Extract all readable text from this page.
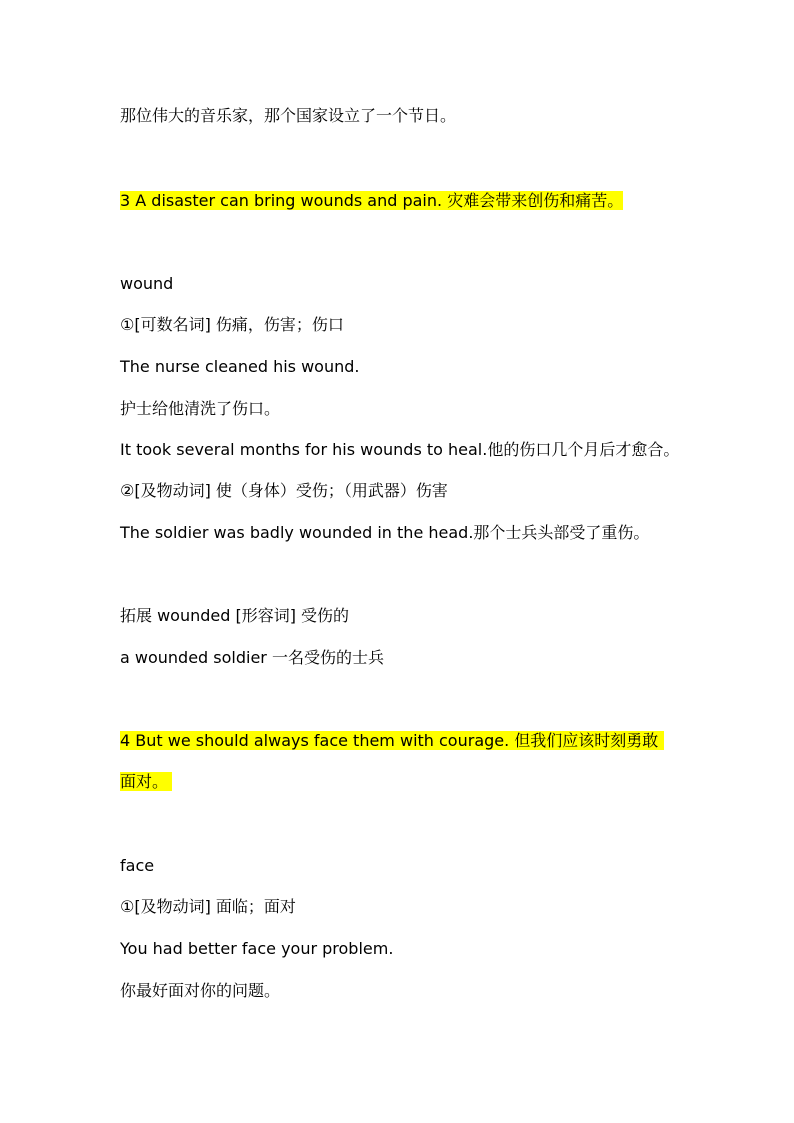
那位伟大的音乐家，那个国家设立了一个节日。
3 A disaster can bring wounds and pain. 灾难会带来创伤和痛苦。
wound
①[可数名词] 伤痛，伤害；伤口
The nurse cleaned his wound.
护士给他清洗了伤口。
It took several months for his wounds to heal.他的伤口几个月后才愈合。
②[及物动词] 使（身体）受伤；（用武器）伤害
The soldier was badly wounded in the head.那个士兵头部受了重伤。
拓展 wounded [形容词] 受伤的
a wounded soldier 一名受伤的士兵
4 But we should always face them with courage. 但我们应该时刻勇敢
面对。
face
①[及物动词] 面临；面对
You had better face your problem.
你最好面对你的问题。
